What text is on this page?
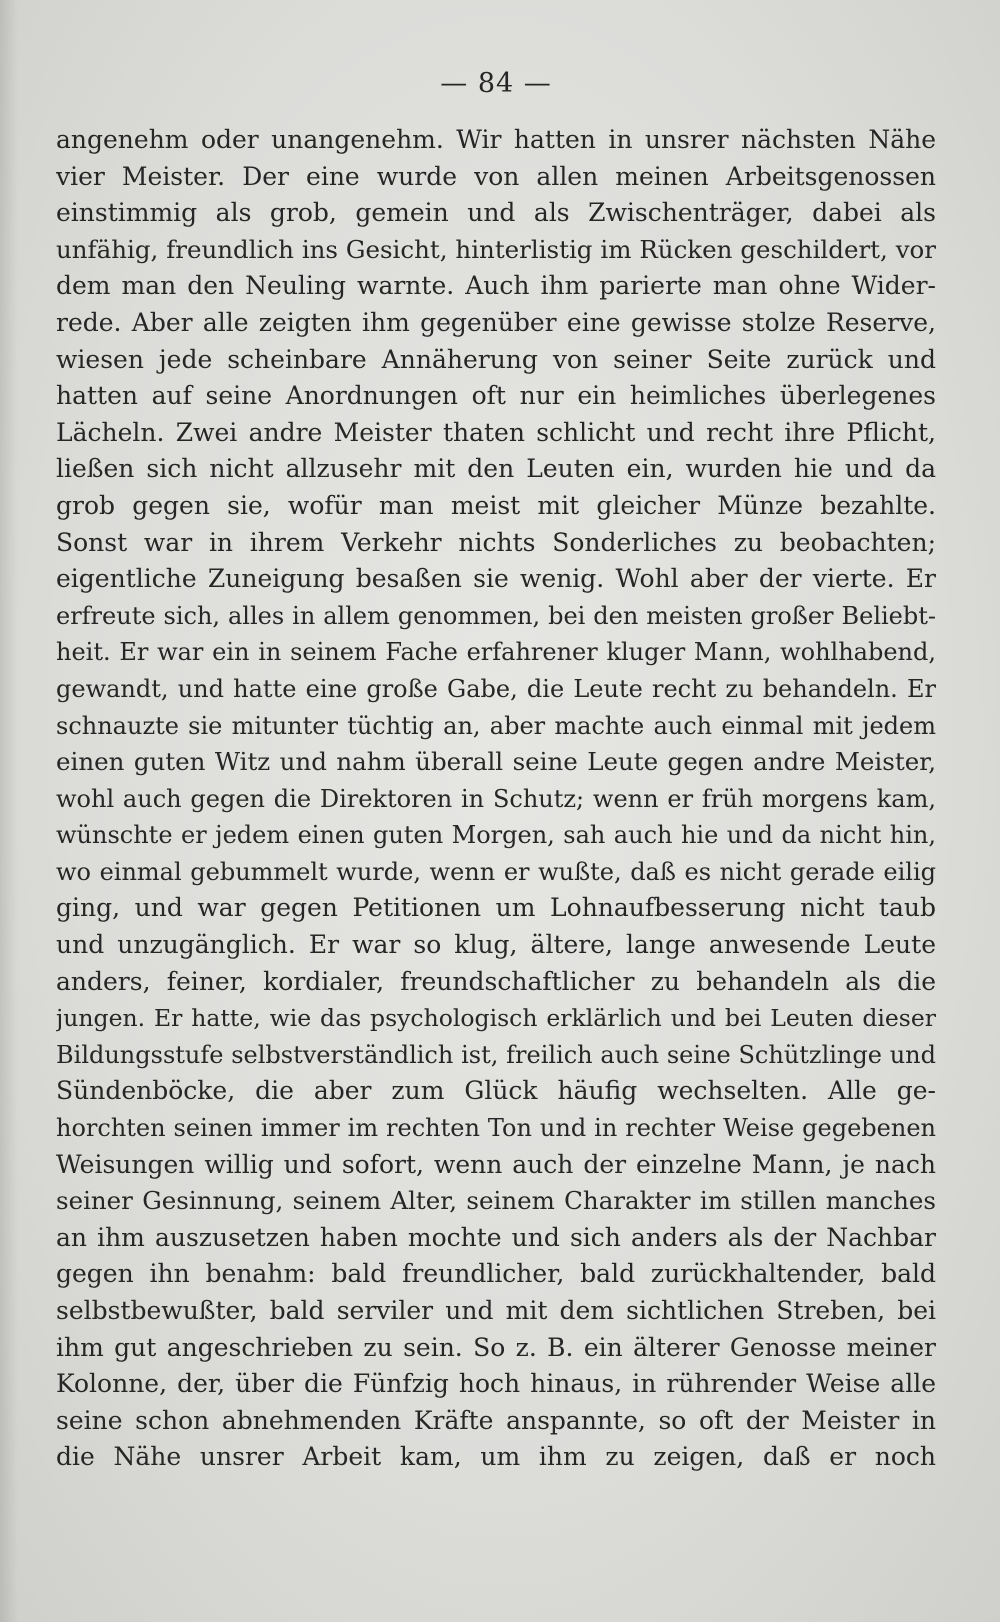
— 84 —
angenehm oder unangenehm. Wir hatten in unsrer nächsten Nähe
vier Meister. Der eine wurde von allen meinen Arbeitsgenossen
einstimmig als grob, gemein und als Zwischenträger, dabei als
unfähig, freundlich ins Gesicht, hinterlistig im Rücken geschildert, vor
dem man den Neuling warnte. Auch ihm parierte man ohne Wider-
rede. Aber alle zeigten ihm gegenüber eine gewisse stolze Reserve,
wiesen jede scheinbare Annäherung von seiner Seite zurück und
hatten auf seine Anordnungen oft nur ein heimliches überlegenes
Lächeln. Zwei andre Meister thaten schlicht und recht ihre Pflicht,
ließen sich nicht allzusehr mit den Leuten ein, wurden hie und da
grob gegen sie, wofür man meist mit gleicher Münze bezahlte.
Sonst war in ihrem Verkehr nichts Sonderliches zu beobachten;
eigentliche Zuneigung besaßen sie wenig. Wohl aber der vierte. Er
erfreute sich, alles in allem genommen, bei den meisten großer Beliebt-
heit. Er war ein in seinem Fache erfahrener kluger Mann, wohlhabend,
gewandt, und hatte eine große Gabe, die Leute recht zu behandeln. Er
schnauzte sie mitunter tüchtig an, aber machte auch einmal mit jedem
einen guten Witz und nahm überall seine Leute gegen andre Meister,
wohl auch gegen die Direktoren in Schutz; wenn er früh morgens kam,
wünschte er jedem einen guten Morgen, sah auch hie und da nicht hin,
wo einmal gebummelt wurde, wenn er wußte, daß es nicht gerade eilig
ging, und war gegen Petitionen um Lohnaufbesserung nicht taub
und unzugänglich. Er war so klug, ältere, lange anwesende Leute
anders, feiner, kordialer, freundschaftlicher zu behandeln als die
jungen. Er hatte, wie das psychologisch erklärlich und bei Leuten dieser
Bildungsstufe selbstverständlich ist, freilich auch seine Schützlinge und
Sündenböcke, die aber zum Glück häufig wechselten. Alle ge-
horchten seinen immer im rechten Ton und in rechter Weise gegebenen
Weisungen willig und sofort, wenn auch der einzelne Mann, je nach
seiner Gesinnung, seinem Alter, seinem Charakter im stillen manches
an ihm auszusetzen haben mochte und sich anders als der Nachbar
gegen ihn benahm: bald freundlicher, bald zurückhaltender, bald
selbstbewußter, bald serviler und mit dem sichtlichen Streben, bei
ihm gut angeschrieben zu sein. So z. B. ein älterer Genosse meiner
Kolonne, der, über die Fünfzig hoch hinaus, in rührender Weise alle
seine schon abnehmenden Kräfte anspannte, so oft der Meister in
die Nähe unsrer Arbeit kam, um ihm zu zeigen, daß er noch
